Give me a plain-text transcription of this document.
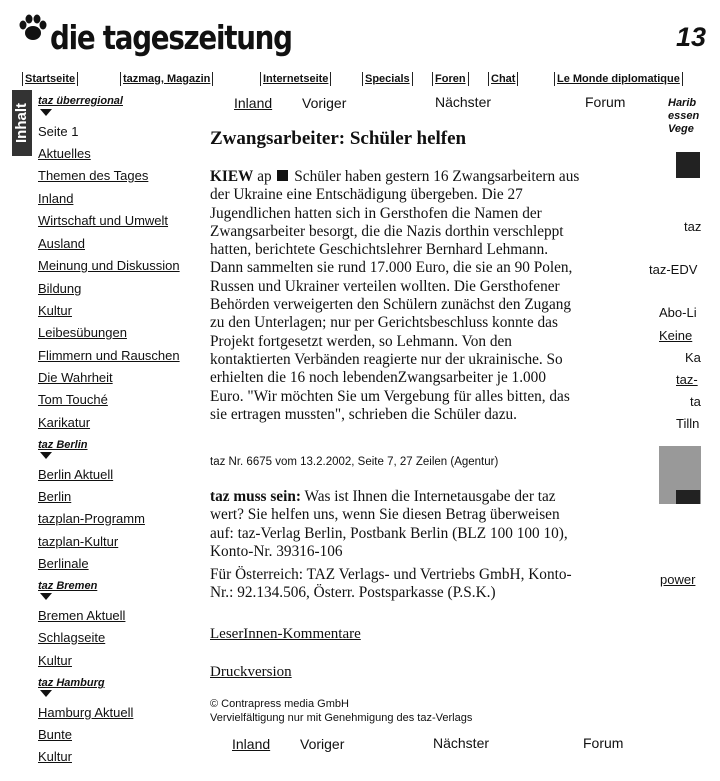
die tageszeitung	13
Startseite	tazmag, Magazin	Internetseite	Specials Foren Chat	Le Monde diplomatique
Inhalt
taz überregional
Seite 1
Aktuelles
Themen des Tages
Inland
Wirtschaft und Umwelt
Ausland
Meinung und Diskussion
Bildung
Kultur
Leibesübungen
Flimmern und Rauschen
Die Wahrheit
Tom Touché
Karikatur
taz Berlin
Berlin Aktuell
Berlin
tazplan-Programm
tazplan-Kultur
Berlinale
taz Bremen
Bremen Aktuell
Schlagseite
Kultur
taz Hamburg
Hamburg Aktuell
Bunte
Kultur
Inland Voriger	Nächster	Forum
Zwangsarbeiter: Schüler helfen
KIEW ap Schüler haben gestern 16 Zwangsarbeitern aus
der Ukraine eine Entschädigung übergeben. Die 27
Jugendlichen hatten sich in Gersthofen die Namen der
Zwangsarbeiter besorgt, die die Nazis dorthin verschleppt
hatten, berichtete Geschichtslehrer Bernhard Lehmann.
Dann sammelten sie rund 17.000 Euro, die sie an 90 Polen,
Russen und Ukrainer verteilen wollten. Die Gersthofener
Behörden verweigerten den Schülern zunächst den Zugang
zu den Unterlagen; nur per Gerichtsbeschluss konnte das
Projekt fortgesetzt werden, so Lehmann. Von den
kontaktierten Verbänden reagierte nur der ukrainische. So
erhielten die 16 noch lebendenZwangsarbeiter je 1.000
Euro. "Wir möchten Sie um Vergebung für alles bitten, das
sie ertragen mussten", schrieben die Schüler dazu.
taz Nr. 6675 vom 13.2.2002, Seite 7, 27 Zeilen (Agentur)
taz muss sein: Was ist Ihnen die Internetausgabe der taz
wert? Sie helfen uns, wenn Sie diesen Betrag überweisen
auf: taz-Verlag Berlin, Postbank Berlin (BLZ 100 100 10),
Konto-Nr. 39316-106
Für Österreich: TAZ Verlags- und Vertriebs GmbH, Konto-
Nr.: 92.134.506, Österr. Postsparkasse (P.S.K.)
LeserInnen-Kommentare
Druckversion
© Contrapress media GmbH
Vervielfältigung nur mit Genehmigung des taz-Verlags
Inland Voriger	Nächster	Forum
Harib
essen
Vege
taz
taz-EDV
Abo-Li
Keine
Ka
taz-
ta
Tilln
power
